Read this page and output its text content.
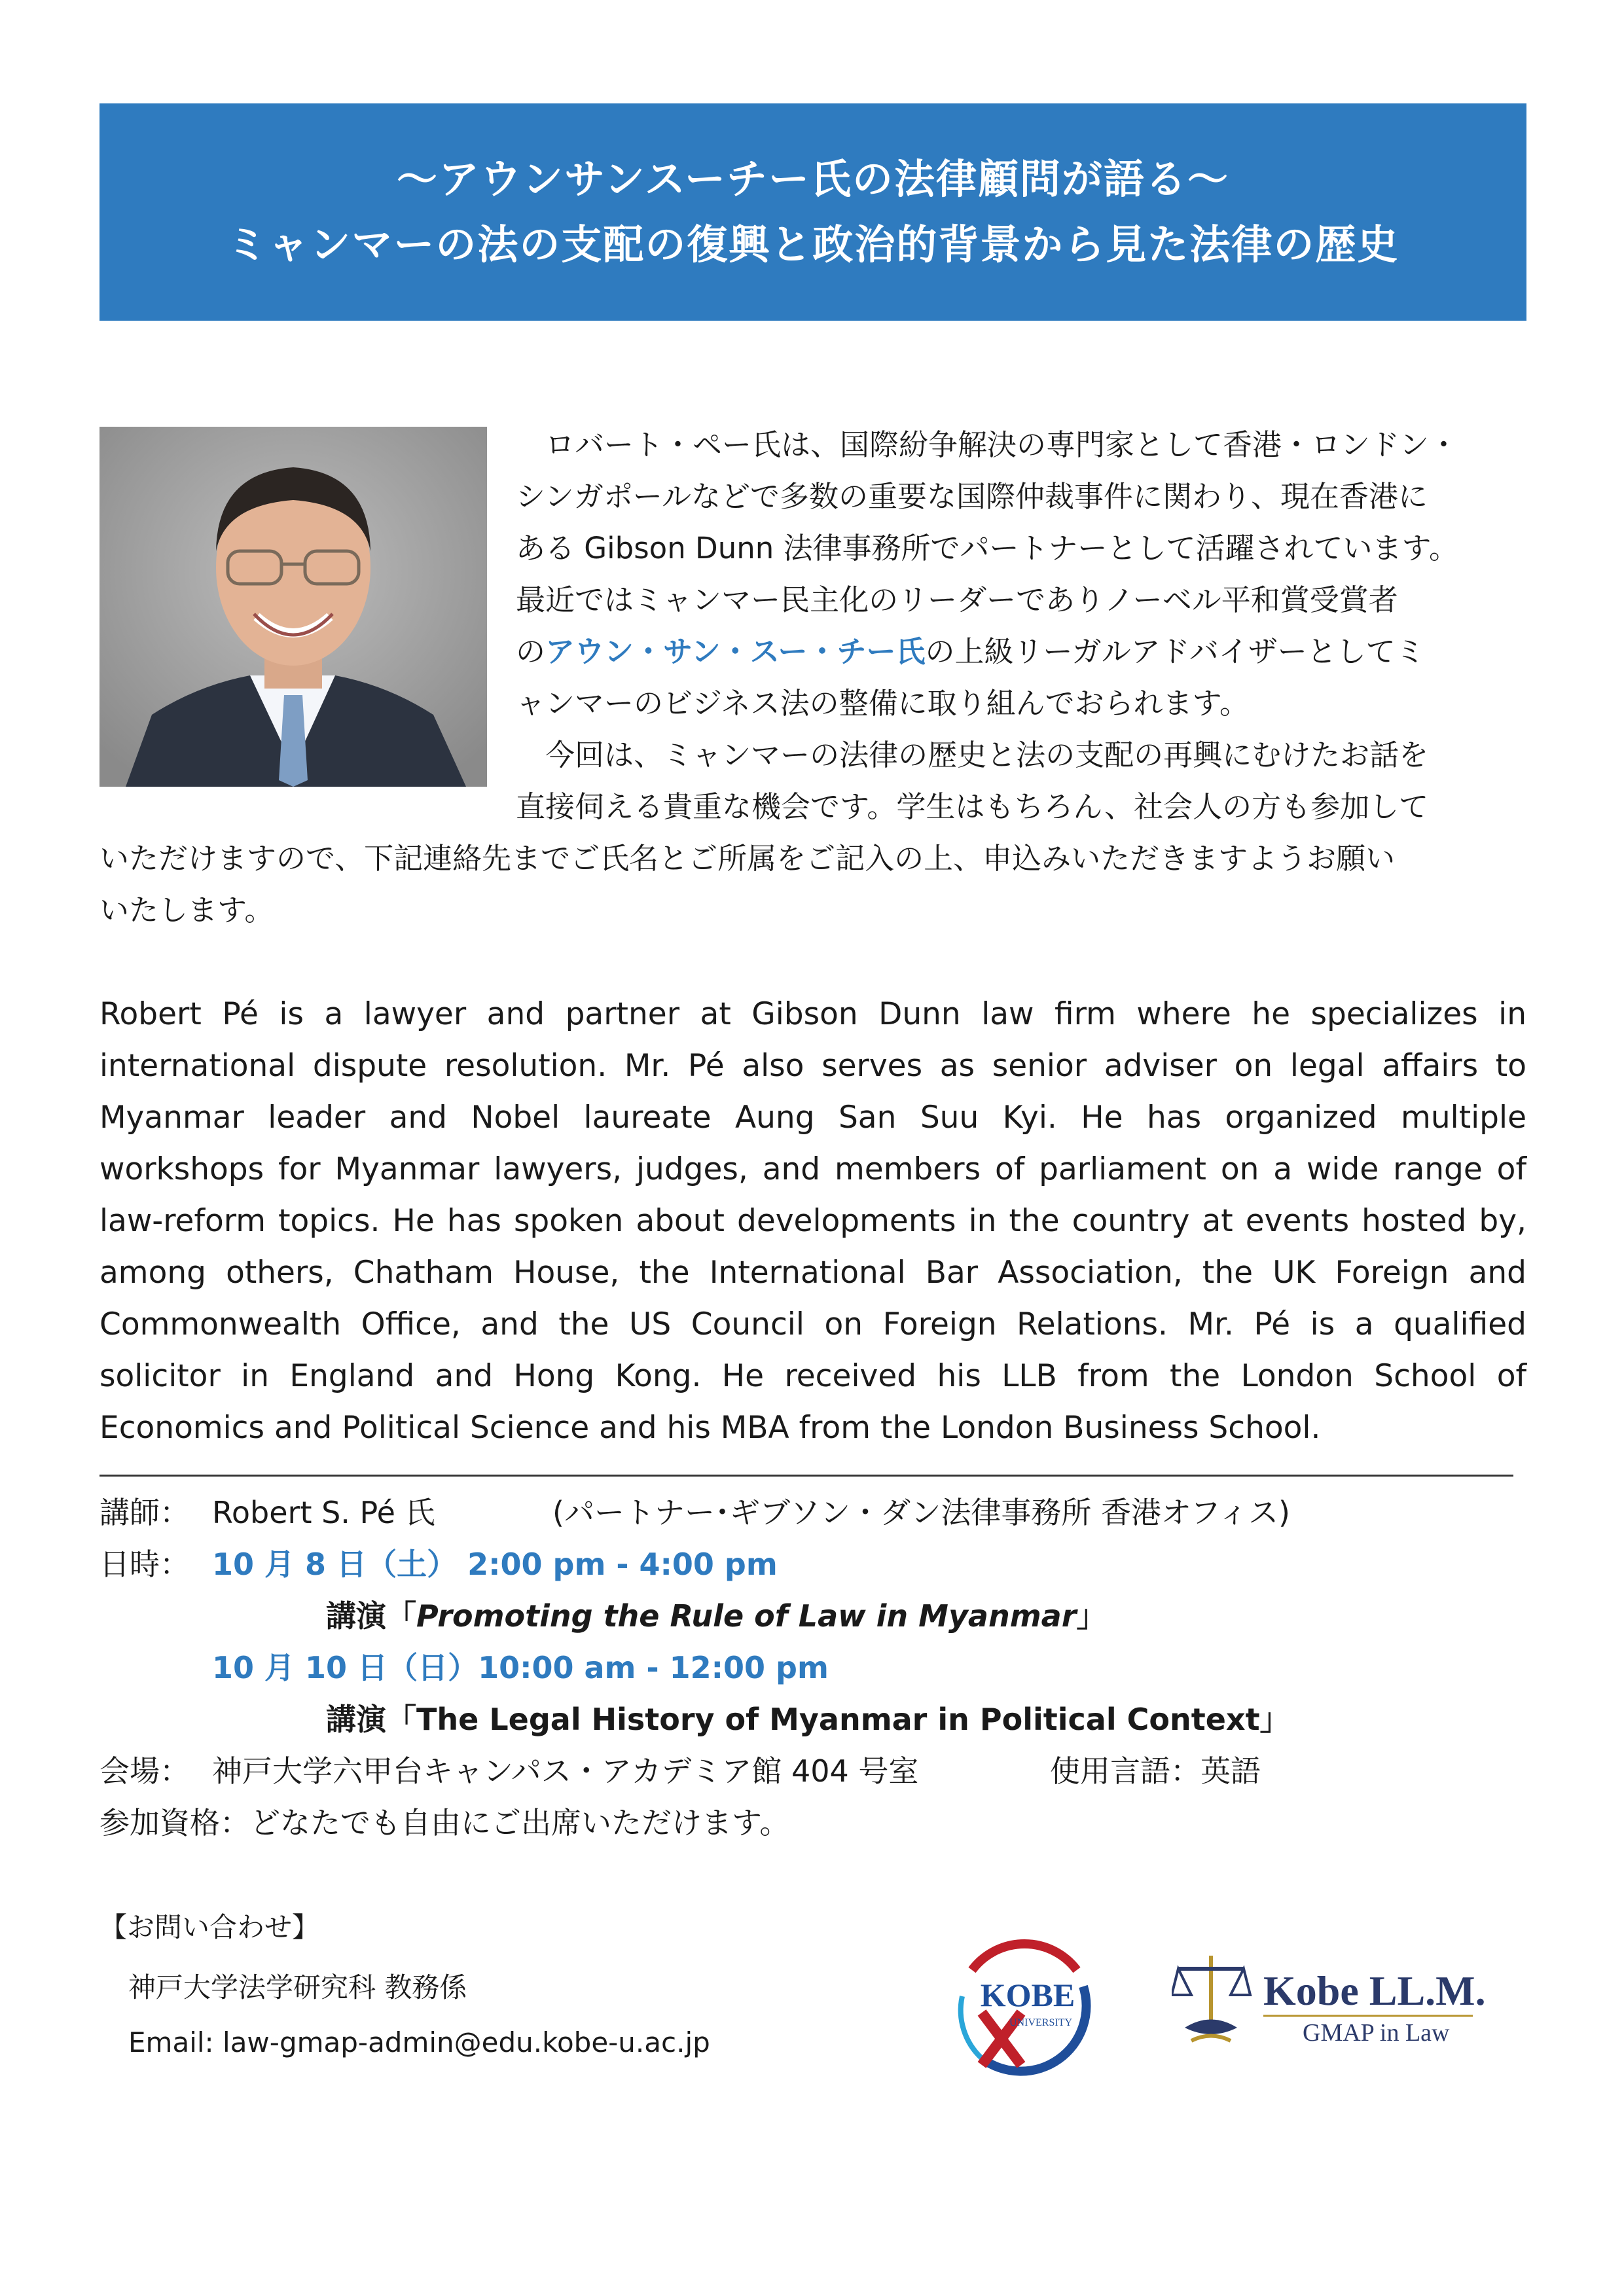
〜アウンサンスーチー氏の法律顧問が語る〜
ミャンマーの法の支配の復興と政治的背景から見た法律の歴史
ロバート・ペー氏は、国際紛争解決の専門家として香港・ロンドン・
シンガポールなどで多数の重要な国際仲裁事件に関わり、現在香港に
ある Gibson Dunn 法律事務所でパートナーとして活躍されています。
最近ではミャンマー民主化のリーダーでありノーベル平和賞受賞者
のアウン・サン・スー・チー氏の上級リーガルアドバイザーとしてミ
ャンマーのビジネス法の整備に取り組んでおられます。
今回は、ミャンマーの法律の歴史と法の支配の再興にむけたお話を
直接伺える貴重な機会です。学生はもちろん、社会人の方も参加して
いただけますので、下記連絡先までご氏名とご所属をご記入の上、申込みいただきますようお願い
いたします。
Robert Pé is a lawyer and partner at Gibson Dunn law firm where he specializes in
international dispute resolution. Mr. Pé also serves as senior adviser on legal affairs to
Myanmar leader and Nobel laureate Aung San Suu Kyi. He has organized multiple
workshops for Myanmar lawyers, judges, and members of parliament on a wide range of
law-reform topics. He has spoken about developments in the country at events hosted by,
among others, Chatham House, the International Bar Association, the UK Foreign and
Commonwealth Office, and the US Council on Foreign Relations. Mr. Pé is a qualified
solicitor in England and Hong Kong. He received his LLB from the London School of
Economics and Political Science and his MBA from the London Business School.
講師： Robert S. Pé 氏	(パートナー･ギブソン・ダン法律事務所 香港オフィス)
日時： 10 月 8 日（土） 2:00 pm - 4:00 pm
講演「Promoting the Rule of Law in Myanmar」
10 月 10 日（日）10:00 am - 12:00 pm
講演「The Legal History of Myanmar in Political Context」
会場： 神戸大学六甲台キャンパス・アカデミア館 404 号室	使用言語：英語
参加資格：どなたでも自由にご出席いただけます。
【お問い合わせ】
神戸大学法学研究科 教務係
Email: law-gmap-admin@edu.kobe-u.ac.jp
KOBE
UNIVERSITY
Kobe LL.M.
GMAP in Law
